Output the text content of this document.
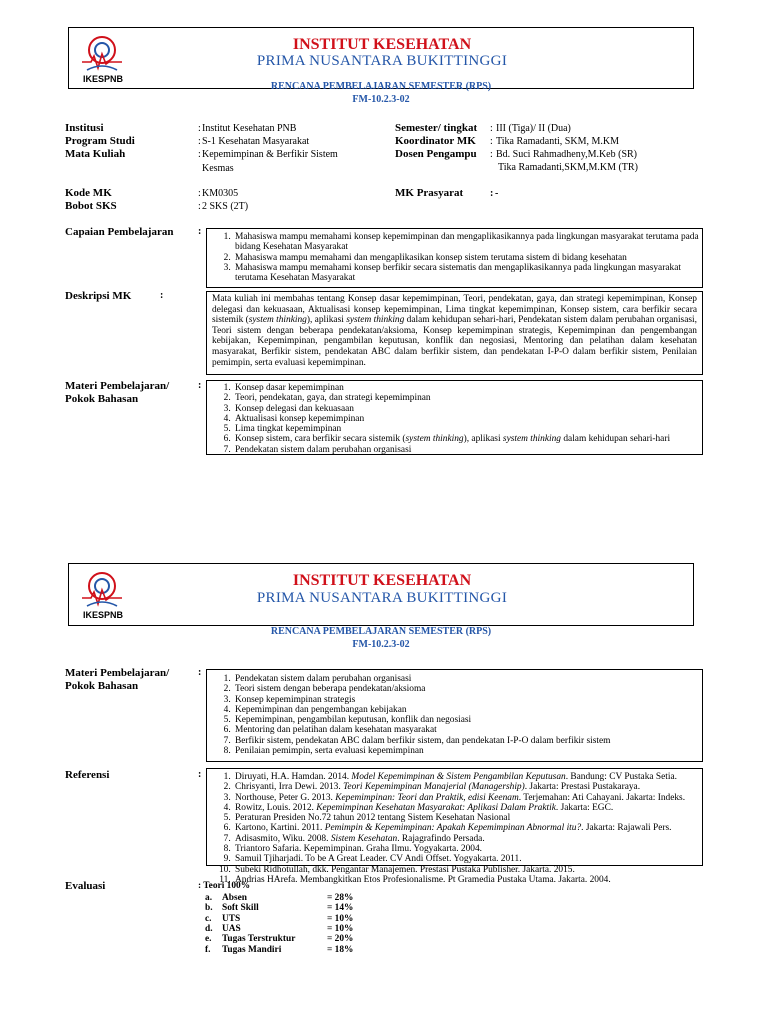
IKESPNB
INSTITUT KESEHATAN
PRIMA NUSANTARA BUKITTINGGI
RENCANA PEMBELAJARAN SEMESTER (RPS)
FM-10.2.3-02
Institusi	: Institut Kesehatan PNB
Program Studi	: S-1 Kesehatan Masyarakat
Mata Kuliah	: Kepemimpinan & Berfikir Sistem
Kesmas
Semester/ tingkat : III (Tiga)/ II (Dua)
Koordinator MK : Tika Ramadanti, SKM, M.KM
Dosen Pengampu : Bd. Suci Rahmadheny,M.Keb (SR)
Tika Ramadanti,SKM,M.KM (TR)
Kode MK	: KM0305
Bobot SKS	: 2 SKS (2T)
MK Prasyarat	: -
Capaian Pembelajaran :	1. Mahasiswa mampu memahami konsep kepemimpinan dan mengaplikasikannya pada lingkungan masyarakat terutama pada bidang Kesehatan Masyarakat
2. Mahasiswa mampu memahami dan mengaplikasikan konsep sistem terutama sistem di bidang kesehatan
3. Mahasiswa mampu memahami konsep berfikir secara sistematis dan mengaplikasikannya pada lingkungan masyarakat terutama Kesehatan Masyarakat
Deskripsi MK	:	Mata kuliah ini membahas tentang Konsep dasar kepemimpinan, Teori, pendekatan, gaya, dan strategi kepemimpinan, Konsep delegasi dan kekuasaan, Aktualisasi konsep kepemimpinan, Lima tingkat kepemimpinan, Konsep sistem, cara berfikir secara sistemik (system thinking), aplikasi system thinking dalam kehidupan sehari-hari, Pendekatan sistem dalam perubahan organisasi, Teori sistem dengan beberapa pendekatan/aksioma, Konsep kepemimpinan strategis, Kepemimpinan dan pengembangan kebijakan, Kepemimpinan, pengambilan keputusan, konflik dan negosiasi, Mentoring dan pelatihan dalam kesehatan masyarakat, Berfikir sistem, pendekatan ABC dalam berfikir sistem, dan pendekatan I-P-O dalam berfikir sistem, Penilaian pemimpin, serta evaluasi kepemimpinan.
Materi Pembelajaran/
Pokok Bahasan
:	1. Konsep dasar kepemimpinan
2. Teori, pendekatan, gaya, dan strategi kepemimpinan
3. Konsep delegasi dan kekuasaan
4. Aktualisasi konsep kepemimpinan
5. Lima tingkat kepemimpinan
6. Konsep sistem, cara berfikir secara sistemik (system thinking), aplikasi system thinking dalam kehidupan sehari-hari
7. Pendekatan sistem dalam perubahan organisasi
IKESPNB
INSTITUT KESEHATAN
PRIMA NUSANTARA BUKITTINGGI
RENCANA PEMBELAJARAN SEMESTER (RPS)
FM-10.2.3-02
Materi Pembelajaran/
Pokok Bahasan
:
1. Pendekatan sistem dalam perubahan organisasi
2. Teori sistem dengan beberapa pendekatan/aksioma
3. Konsep kepemimpinan strategis
4. Kepemimpinan dan pengembangan kebijakan
5. Kepemimpinan, pengambilan keputusan, konflik dan negosiasi
6. Mentoring dan pelatihan dalam kesehatan masyarakat
7. Berfikir sistem, pendekatan ABC dalam berfikir sistem, dan pendekatan I-P-O dalam berfikir sistem
8. Penilaian pemimpin, serta evaluasi kepemimpinan
Referensi	:	1. Diruyati, H.A. Hamdan. 2014. Model Kepemimpinan & Sistem Pengambilan Keputusan. Bandung: CV Pustaka Setia.
2. Chrisyanti, Irra Dewi. 2013. Teori Kepemimpinan Manajerial (Managership). Jakarta: Prestasi Pustakaraya.
3. Northouse, Peter G. 2013. Kepemimpinan: Teori dan Praktik, edisi Keenam. Terjemahan: Ati Cahayani. Jakarta: Indeks.
4. Rowitz, Louis. 2012. Kepemimpinan Kesehatan Masyarakat: Aplikasi Dalam Praktik. Jakarta: EGC.
5. Peraturan Presiden No.72 tahun 2012 tentang Sistem Kesehatan Nasional
6. Kartono, Kartini. 2011. Pemimpin & Kepemimpinan: Apakah Kepemimpinan Abnormal itu?. Jakarta: Rajawali Pers.
7. Adisasmito, Wiku. 2008. Sistem Kesehatan. Rajagrafindo Persada.
8. Triantoro Safaria. Kepemimpinan. Graha Ilmu. Yogyakarta. 2004.
9. Samuil Tjiharjadi. To be A Great Leader. CV Andi Offset. Yogyakarta. 2011.
10. Subeki Ridhotullah, dkk. Pengantar Manajemen. Prestasi Pustaka Publisher. Jakarta. 2015.
11. Andrias HArefa. Membangkitkan Etos Profesionalisme. Pt Gramedia Pustaka Utama. Jakarta. 2004.
Evaluasi	: Teori 100%
a. Absen	= 28%
b. Soft Skill	= 14%
c. UTS	= 10%
d. UAS	= 10%
e. Tugas Terstruktur	= 20%
f. Tugas Mandiri	= 18%
